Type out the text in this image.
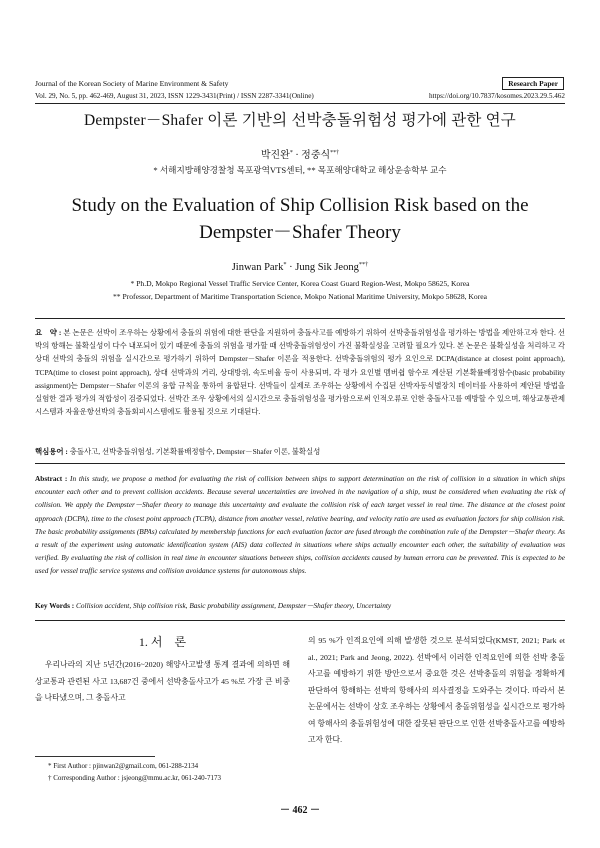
Journal of the Korean Society of Marine Environment & Safety	Research Paper
Vol. 29, No. 5, pp. 462-469, August 31, 2023, ISSN 1229-3431(Print) / ISSN 2287-3341(Online)	https://doi.org/10.7837/kosomes.2023.29.5.462
Dempster－Shafer 이론 기반의 선박충돌위험성 평가에 관한 연구
박진완* · 정중식**†
* 서해지방해양경찰청 목포광역VTS센터, ** 목포해양대학교 해상운송학부 교수
Study on the Evaluation of Ship Collision Risk based on the Dempster－Shafer Theory
Jinwan Park* · Jung Sik Jeong**†
* Ph.D, Mokpo Regional Vessel Traffic Service Center, Korea Coast Guard Region-West, Mokpo 58625, Korea
** Professor, Department of Maritime Transportation Science, Mokpo National Maritime University, Mokpo 58628, Korea
요　약 : 본 논문은 선박이 조우하는 상황에서 충돌의 위험에 대한 판단을 지원하여 충돌사고를 예방하기 위하여 선박충돌위험성을 평가하는 방법을 제안하고자 한다. 선박의 항해는 불확실성이 다수 내포되어 있기 때문에 충돌의 위험을 평가할 때 선박충돌위험성이 가진 불확실성을 고려할 필요가 있다. 본 논문은 불확실성을 처리하고 각 상대 선박의 충돌의 위험을 실시간으로 평가하기 위하여 Dempster－Shafer 이론을 적용한다. 선박충돌위험의 평가 요인으로 DCPA(distance at closest point approach), TCPA(time to closest point approach), 상대 선박과의 거리, 상대방위, 속도비율 등이 사용되며, 각 평가 요인별 멤버쉽 함수로 계산된 기본확률배정함수(basic probability assignment)는 Dempster－Shafer 이론의 융합 규칙을 통하여 융합된다. 선박들이 실제로 조우하는 상황에서 수집된 선박자동식별장치 데이터를 사용하여 제안된 방법을 실험한 결과 평가의 적합성이 검증되었다. 선박간 조우 상황에서의 실시간으로 충돌위험성을 평가함으로써 인적오류로 인한 충돌사고를 예방할 수 있으며, 해상교통관제시스템과 자율운항선박의 충돌회피시스템에도 활용될 것으로 기대된다.
핵심용어 : 충돌사고, 선박충돌위험성, 기본확률배정함수, Dempster－Shafer 이론, 불확실성
Abstract : In this study, we propose a method for evaluating the risk of collision between ships to support determination on the risk of collision in a situation in which ships encounter each other and to prevent collision accidents. Because several uncertainties are involved in the navigation of a ship, must be considered when evaluating the risk of collision. We apply the Dempster－Shafer theory to manage this uncertainty and evaluate the collision risk of each target vessel in real time. The distance at the closest point approach (DCPA), time to the closest point approach (TCPA), distance from another vessel, relative bearing, and velocity ratio are used as evaluation factors for ship collision risk. The basic probability assignments (BPAs) calculated by membership functions for each evaluation factor are fused through the combination rule of the Dempster－Shafer theory. As a result of the experiment using automatic identification system (AIS) data collected in situations where ships actually encounter each other, the suitability of evaluation was verified. By evaluating the risk of collision in real time in encounter situations between ships, collision accidents caused by human errora can be prevented. This is expected to be used for vessel traffic service systems and collision avoidance systems for autonomous ships.
Key Words : Collision accident, Ship collision risk, Basic probability assignment, Dempster－Shafer theory, Uncertainty
1. 서　론
우리나라의 지난 5년간(2016~2020) 해양사고발생 통계 결과에 의하면 해상교통과 관련된 사고 13,687건 중에서 선박충돌사고가 45 %로 가장 큰 비중을 나타냈으며, 그 충돌사고
의 95 %가 인적요인에 의해 발생한 것으로 분석되었다(KMST, 2021; Park et al., 2021; Park and Jeong, 2022). 선박에서 이러한 인적요인에 의한 선박 충돌사고를 예방하기 위한 방안으로서 중요한 것은 선박충돌의 위험을 정확하게 판단하여 항해하는 선박의 항해사의 의사결정을 도와주는 것이다. 따라서 본 논문에서는 선박이 상호 조우하는 상황에서 충돌위험성을 실시간으로 평가하여 항해사의 충돌위험성에 대한 잘못된 판단으로 인한 선박충돌사고를 예방하고자 한다.
* First Author : pjinwan2@gmail.com, 061-288-2134
† Corresponding Author : jsjeong@mmu.ac.kr, 061-240-7173
－ 462 －
